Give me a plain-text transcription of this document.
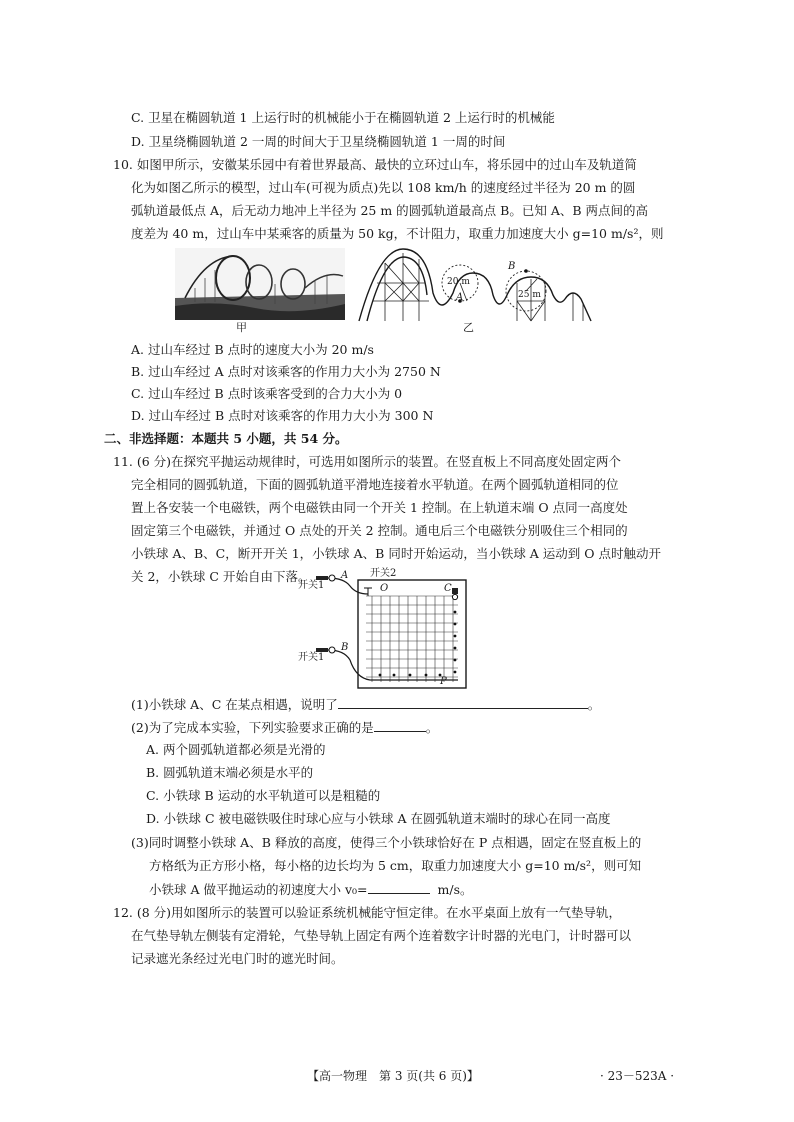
C. 卫星在椭圆轨道 1 上运行时的机械能小于在椭圆轨道 2 上运行时的机械能
D. 卫星绕椭圆轨道 2 一周的时间大于卫星绕椭圆轨道 1 一周的时间
10. 如图甲所示，安徽某乐园中有着世界最高、最快的立环过山车，将乐园中的过山车及轨道简
化为如图乙所示的模型，过山车(可视为质点)先以 108 km/h 的速度经过半径为 20 m 的圆
弧轨道最低点 A，后无动力地冲上半径为 25 m 的圆弧轨道最高点 B。已知 A、B 两点间的高
度差为 40 m，过山车中某乘客的质量为 50 kg，不计阻力，取重力加速度大小 g=10 m/s²，则
甲
20 m
25 m
A
B
乙
A. 过山车经过 B 点时的速度大小为 20 m/s
B. 过山车经过 A 点时对该乘客的作用力大小为 2750 N
C. 过山车经过 B 点时该乘客受到的合力大小为 0
D. 过山车经过 B 点时对该乘客的作用力大小为 300 N
二、非选择题：本题共 5 小题，共 54 分。
11. (6 分)在探究平抛运动规律时，可选用如图所示的装置。在竖直板上不同高度处固定两个
完全相同的圆弧轨道，下面的圆弧轨道平滑地连接着水平轨道。在两个圆弧轨道相同的位
置上各安装一个电磁铁，两个电磁铁由同一个开关 1 控制。在上轨道末端 O 点同一高度处
固定第三个电磁铁，并通过 O 点处的开关 2 控制。通电后三个电磁铁分别吸住三个相同的
小铁球 A、B、C，断开开关 1，小铁球 A、B 同时开始运动，当小铁球 A 运动到 O 点时触动开
关 2，小铁球 C 开始自由下落。
开关1
开关1
开关2
A
B
O	C
P
(1)小铁球 A、C 在某点相遇，说明了	。
(2)为了完成本实验，下列实验要求正确的是	。
A. 两个圆弧轨道都必须是光滑的
B. 圆弧轨道末端必须是水平的
C. 小铁球 B 运动的水平轨道可以是粗糙的
D. 小铁球 C 被电磁铁吸住时球心应与小铁球 A 在圆弧轨道末端时的球心在同一高度
(3)同时调整小铁球 A、B 释放的高度，使得三个小铁球恰好在 P 点相遇，固定在竖直板上的
方格纸为正方形小格，每小格的边长均为 5 cm，取重力加速度大小 g=10 m/s²，则可知
小铁球 A 做平抛运动的初速度大小 v₀=	m/s。
12. (8 分)用如图所示的装置可以验证系统机械能守恒定律。在水平桌面上放有一气垫导轨，
在气垫导轨左侧装有定滑轮，气垫导轨上固定有两个连着数字计时器的光电门，计时器可以
记录遮光条经过光电门时的遮光时间。
【高一物理　第 3 页(共 6 页)】	· 23－523A ·
